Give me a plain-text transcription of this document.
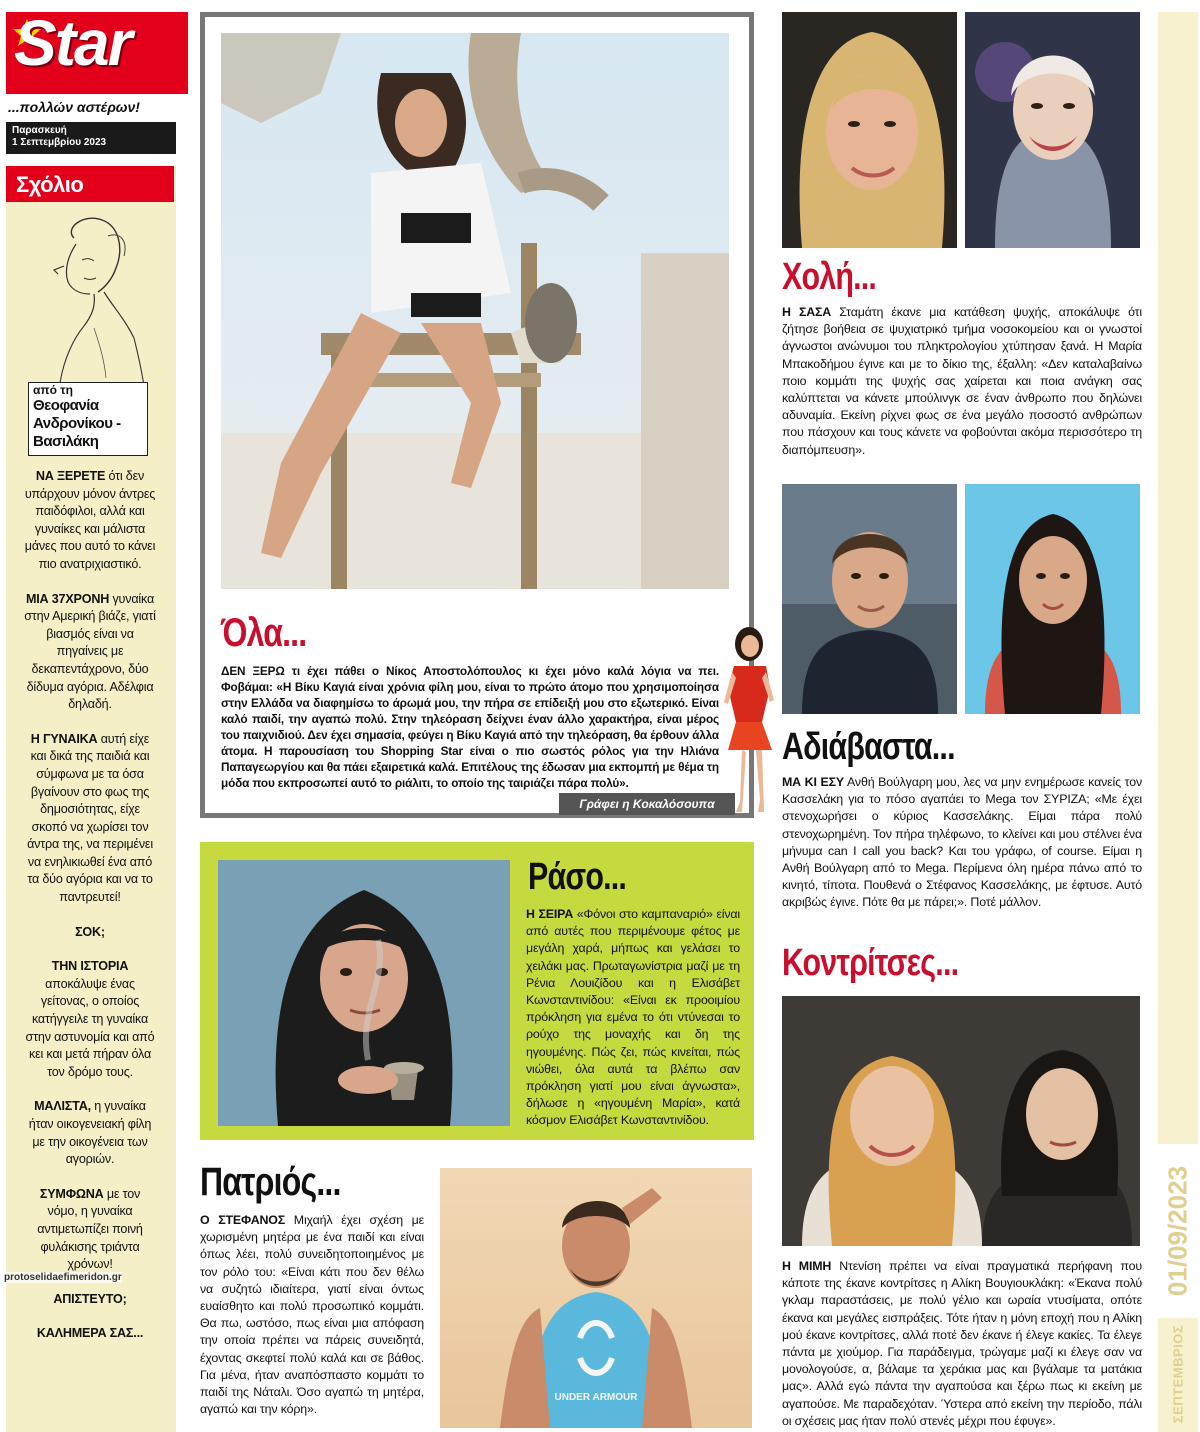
Star
...πολλών αστέρων!
Παρασκευή
1 Σεπτεμβρίου 2023
Σχόλιο
από τη
Θεοφανία
Ανδρονίκου -
Βασιλάκη

ΝΑ ΞΕΡΕΤΕ ότι δεν υπάρχουν μόνον άντρες παιδόφιλοι, αλλά και γυναίκες και μάλιστα μάνες που αυτό το κάνει πιο ανατριχιαστικό.

ΜΙΑ 37ΧΡΟΝΗ γυναίκα στην Αμερική βιάζε, γιατί βιασμός είναι να πηγαίνεις με δεκαπεντάχρονο, δύο δίδυμα αγόρια. Αδέλφια δηλαδή.

Η ΓΥΝΑΙΚΑ αυτή είχε και δικά της παιδιά και σύμφωνα με τα όσα βγαίνουν στο φως της δημοσιότητας, είχε σκοπό να χωρίσει τον άντρα της, να περιμένει να ενηλικιωθεί ένα από τα δύο αγόρια και να το παντρευτεί!

ΣΟΚ;

ΤΗΝ ΙΣΤΟΡΙΑ αποκάλυψε ένας γείτονας, ο οποίος κατήγγειλε τη γυναίκα στην αστυνομία και από κει και μετά πήραν όλα τον δρόμο τους.

ΜΑΛΙΣΤΑ, η γυναίκα ήταν οικογενειακή φίλη με την οικογένεια των αγοριών.

ΣΥΜΦΩΝΑ με τον νόμο, η γυναίκα αντιμετωπίζει ποινή φυλάκισης τριάντα χρόνων!

ΑΠΙΣΤΕΥΤΟ;

ΚΑΛΗΜΕΡΑ ΣΑΣ...

protoselidaefimeridon.gr
Όλα...
ΔΕΝ ΞΕΡΩ τι έχει πάθει ο Νίκος Αποστολόπουλος κι έχει μόνο καλά λόγια να πει. Φοβάμαι: «Η Βίκυ Καγιά είναι χρόνια φίλη μου, είναι το πρώτο άτομο που χρησιμοποίησα στην Ελλάδα να διαφημίσω το άρωμά μου, την πήρα σε επίδειξή μου στο εξωτερικό. Είναι καλό παιδί, την αγαπώ πολύ. Στην τηλεόραση δείχνει έναν άλλο χαρακτήρα, είναι μέρος του παιχνιδιού. Δεν έχει σημασία, φεύγει η Βίκυ Καγιά από την τηλεόραση, θα έρθουν άλλα άτομα. Η παρουσίαση του Shopping Star είναι ο πιο σωστός ρόλος για την Ηλιάνα Παπαγεωργίου και θα πάει εξαιρετικά καλά. Επιτέλους της έδωσαν μια εκπομπή με θέμα τη μόδα που εκπροσωπεί αυτό το ριάλιτι, το οποίο της ταιριάζει πάρα πολύ».
Γράφει η Κοκαλόσουπα
Ράσο...
Η ΣΕΙΡΑ «Φόνοι στο καμπαναριό» είναι από αυτές που περιμένουμε φέτος με μεγάλη χαρά, μήπως και γελάσει το χειλάκι μας. Πρωταγωνίστρια μαζί με τη Ρένια Λουιζίδου και η Ελισάβετ Κωνσταντινίδου: «Είναι εκ προοιμίου πρόκληση για εμένα το ότι ντύνεσαι το ρούχο της μοναχής και δη της ηγουμένης. Πώς ζει, πώς κινείται, πώς νιώθει, όλα αυτά τα βλέπω σαν πρόκληση γιατί μου είναι άγνωστα», δήλωσε η «ηγουμένη Μαρία», κατά κόσμον Ελισάβετ Κωνσταντινίδου.
Πατριός...
Ο ΣΤΕΦΑΝΟΣ Μιχαήλ έχει σχέση με χωρισμένη μητέρα με ένα παιδί και είναι όπως λέει, πολύ συνειδητοποιημένος με τον ρόλο του: «Είναι κάτι που δεν θέλω να συζητώ ιδιαίτερα, γιατί είναι όντως ευαίσθητο και πολύ προσωπικό κομμάτι. Θα πω, ωστόσο, πως είναι μια απόφαση την οποία πρέπει να πάρεις συνειδητά, έχοντας σκεφτεί πολύ καλά και σε βάθος. Για μένα, ήταν αναπόσπαστο κομμάτι το παιδί της Νάταλι. Όσο αγαπώ τη μητέρα, αγαπώ και την κόρη».
UNDER ARMOUR
Χολή...
Η ΣΑΣΑ Σταμάτη έκανε μια κατάθεση ψυχής, αποκάλυψε ότι ζήτησε βοήθεια σε ψυχιατρικό τμήμα νοσοκομείου και οι γνωστοί άγνωστοι ανώνυμοι του πληκτρολογίου χτύπησαν ξανά. Η Μαρία Μπακοδήμου έγινε και με το δίκιο της, έξαλλη: «Δεν καταλαβαίνω ποιο κομμάτι της ψυχής σας χαίρεται και ποια ανάγκη σας καλύπτεται να κάνετε μπούλινγκ σε έναν άνθρωπο που δηλώνει αδυναμία. Εκείνη ρίχνει φως σε ένα μεγάλο ποσοστό ανθρώπων που πάσχουν και τους κάνετε να φοβούνται ακόμα περισσότερο τη διαπόμπευση».
Αδιάβαστα...
ΜΑ ΚΙ ΕΣΥ Ανθή Βούλγαρη μου, λες να μην ενημέρωσε κανείς τον Κασσελάκη για το πόσο αγαπάει το Mega τον ΣΥΡΙΖΑ; «Με έχει στενοχωρήσει ο κύριος Κασσελάκης. Είμαι πάρα πολύ στενοχωρημένη. Τον πήρα τηλέφωνο, το κλείνει και μου στέλνει ένα μήνυμα can I call you back? Και του γράφω, of course. Είμαι η Ανθή Βούλγαρη από το Mega. Περίμενα όλη ημέρα πάνω από το κινητό, τίποτα. Πουθενά ο Στέφανος Κασσελάκης, με έφτυσε. Αυτό ακριβώς έγινε. Πότε θα με πάρει;». Ποτέ μάλλον.
Κοντρίτσες...
Η ΜΙΜΗ Ντενίση πρέπει να είναι πραγματικά περήφανη που κάποτε της έκανε κοντρίτσες η Αλίκη Βουγιουκλάκη: «Έκανα πολύ γκλαμ παραστάσεις, με πολύ γέλιο και ωραία ντυσίματα, οπότε έκανα και μεγάλες εισπράξεις. Τότε ήταν η μόνη εποχή που η Αλίκη μού έκανε κοντρίτσες, αλλά ποτέ δεν έκανε ή έλεγε κακίες. Τα έλεγε πάντα με χιούμορ. Για παράδειγμα, τρώγαμε μαζί κι έλεγε σαν να μονολογούσε, α, βάλαμε τα χεράκια μας και βγάλαμε τα ματάκια μας». Αλλά εγώ πάντα την αγαπούσα και ξέρω πως κι εκείνη με αγαπούσε. Με παραδεχόταν. Ύστερα από εκείνη την περίοδο, πάλι οι σχέσεις μας ήταν πολύ στενές μέχρι που έφυγε».
01/09/2023
ΣΕΠΤΕΜΒΡΙΟΣ
